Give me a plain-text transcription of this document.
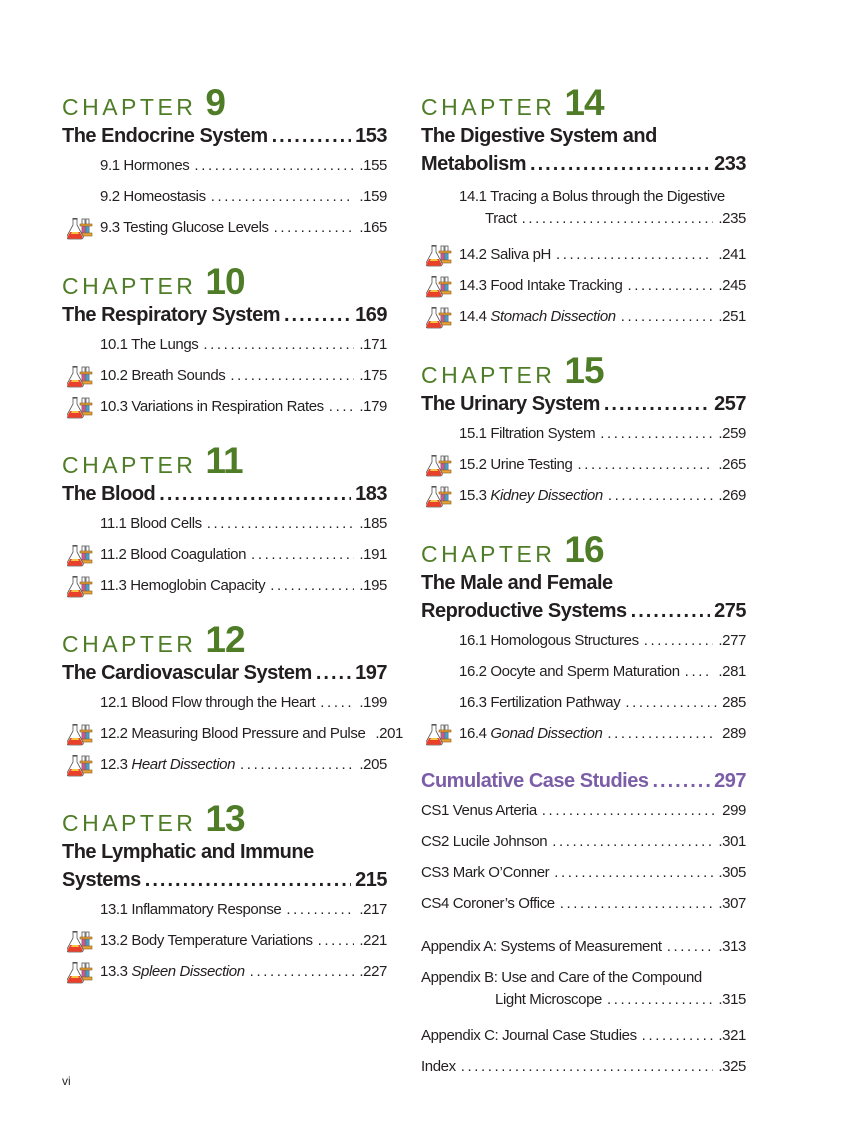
CHAPTER 9
The Endocrine System .....	153
9.1 Hormones .....	.155
9.2 Homeostasis .....	.159
9.3 Testing Glucose Levels .....	.165
CHAPTER 10
The Respiratory System .....	169
10.1 The Lungs .....	.171
10.2 Breath Sounds .....	.175
10.3 Variations in Respiration Rates ..... .179
CHAPTER 11
The Blood .....	183
11.1 Blood Cells .....	.185
11.2 Blood Coagulation .....	.191
11.3 Hemoglobin Capacity .....	.195
CHAPTER 12
The Cardiovascular System ..... 197
12.1 Blood Flow through the Heart .....	.199
12.2 Measuring Blood Pressure and Pulse .201
12.3 Heart Dissection .....	.205
CHAPTER 13
The Lymphatic and Immune
Systems .....	215
13.1 Inflammatory Response .....	.217
13.2 Body Temperature Variations .....	.221
13.3 Spleen Dissection .....	.227
CHAPTER 14
The Digestive System and
Metabolism .....	233
14.1 Tracing a Bolus through the Digestive
Tract .....	.235
14.2 Saliva pH .....	.241
14.3 Food Intake Tracking .....	.245
14.4 Stomach Dissection .....	.251
CHAPTER 15
The Urinary System .....	257
15.1 Filtration System .....	.259
15.2 Urine Testing .....	.265
15.3 Kidney Dissection .....	.269
CHAPTER 16
The Male and Female
Reproductive Systems .....	275
16.1 Homologous Structures .....	.277
16.2 Oocyte and Sperm Maturation .....	.281
16.3 Fertilization Pathway .....	285
16.4 Gonad Dissection .....	289
Cumulative Case Studies .....	297
CS1 Venus Arteria .....	299
CS2 Lucile Johnson .....	.301
CS3 Mark O’Conner .....	.305
CS4 Coroner’s Office .....	.307
Appendix A: Systems of Measurement .....	.313
Appendix B: Use and Care of the Compound
Light Microscope .....	.315
Appendix C: Journal Case Studies .....	.321
Index .....	.325
vi
